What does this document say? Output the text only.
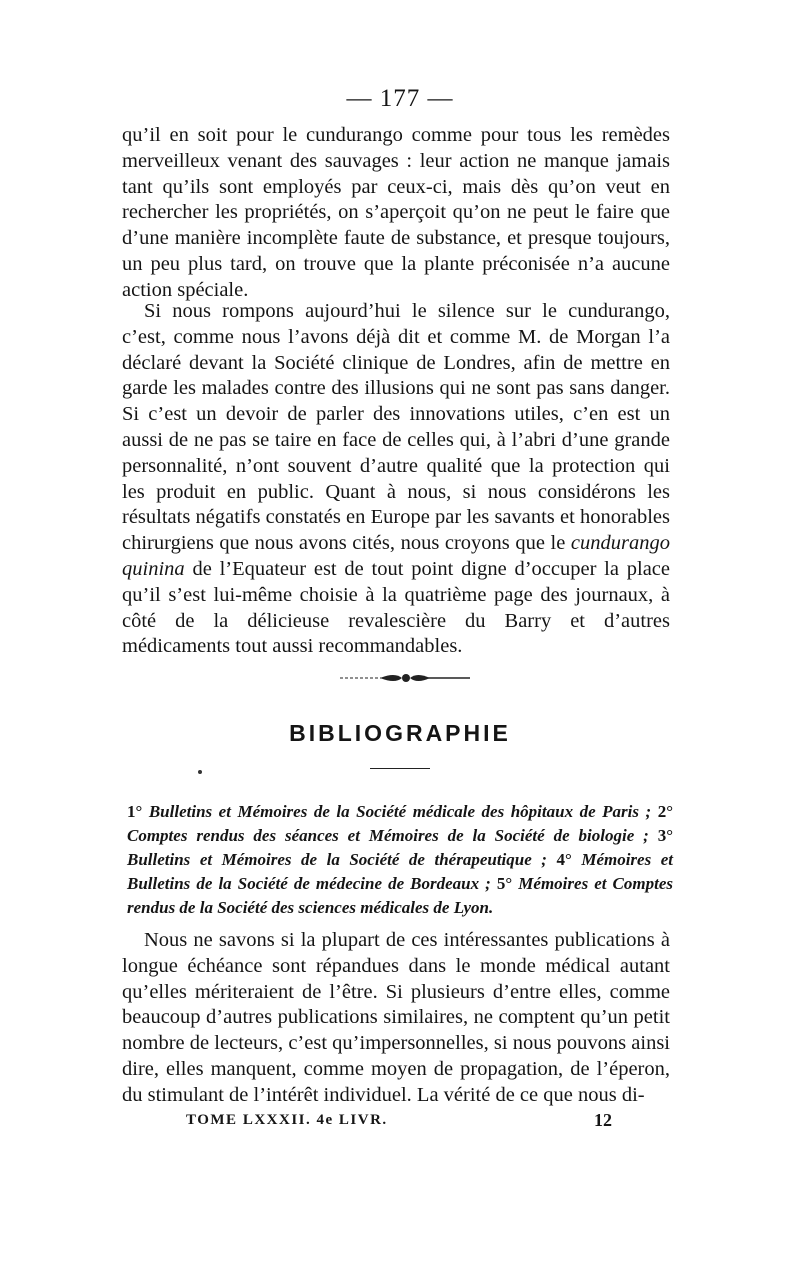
— 177 —

qu’il en soit pour le cundurango comme pour tous les remèdes merveilleux venant des sauvages : leur action ne manque jamais tant qu’ils sont employés par ceux-ci, mais dès qu’on veut en rechercher les propriétés, on s’aperçoit qu’on ne peut le faire que d’une manière incomplète faute de substance, et presque toujours, un peu plus tard, on trouve que la plante préconisée n’a aucune action spéciale.

Si nous rompons aujourd’hui le silence sur le cundurango, c’est, comme nous l’avons déjà dit et comme M. de Morgan l’a déclaré devant la Société clinique de Londres, afin de mettre en garde les malades contre des illusions qui ne sont pas sans danger. Si c’est un devoir de parler des innovations utiles, c’en est un aussi de ne pas se taire en face de celles qui, à l’abri d’une grande personnalité, n’ont souvent d’autre qualité que la protection qui les produit en public. Quant à nous, si nous considérons les résultats négatifs constatés en Europe par les savants et honorables chirurgiens que nous avons cités, nous croyons que le cundurango quinina de l’Equateur est de tout point digne d’occuper la place qu’il s’est lui-même choisie à la quatrième page des journaux, à côté de la délicieuse revalescière du Barry et d’autres médicaments tout aussi recommandables.

BIBLIOGRAPHIE
1° Bulletins et Mémoires de la Société médicale des hôpitaux de Paris ; 2° Comptes rendus des séances et Mémoires de la Société de biologie ; 3° Bulletins et Mémoires de la Société de thérapeutique ; 4° Mémoires et Bulletins de la Société de médecine de Bordeaux ; 5° Mémoires et Comptes rendus de la Société des sciences médicales de Lyon.

Nous ne savons si la plupart de ces intéressantes publications à longue échéance sont répandues dans le monde médical autant qu’elles mériteraient de l’être. Si plusieurs d’entre elles, comme beaucoup d’autres publications similaires, ne comptent qu’un petit nombre de lecteurs, c’est qu’impersonnelles, si nous pouvons ainsi dire, elles manquent, comme moyen de propagation, de l’éperon, du stimulant de l’intérêt individuel. La vérité de ce que nous di-

TOME LXXXII. 4e LIVR.	12
